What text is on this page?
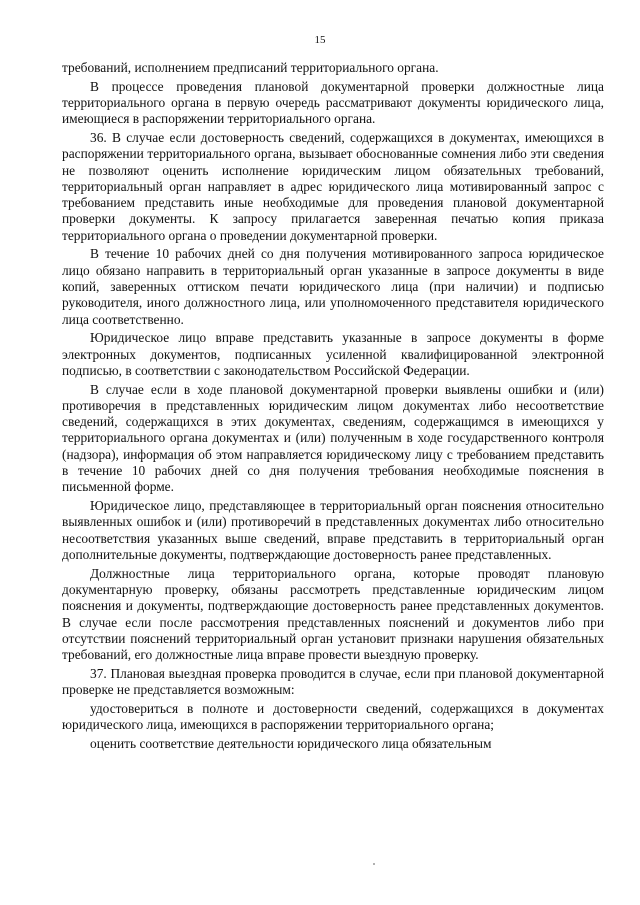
15

требований, исполнением предписаний территориального органа.

В процессе проведения плановой документарной проверки должностные лица территориального органа в первую очередь рассматривают документы юридического лица, имеющиеся в распоряжении территориального органа.

36. В случае если достоверность сведений, содержащихся в документах, имеющихся в распоряжении территориального органа, вызывает обоснованные сомнения либо эти сведения не позволяют оценить исполнение юридическим лицом обязательных требований, территориальный орган направляет в адрес юридического лица мотивированный запрос с требованием представить иные необходимые для проведения плановой документарной проверки документы. К запросу прилагается заверенная печатью копия приказа территориального органа о проведении документарной проверки.

В течение 10 рабочих дней со дня получения мотивированного запроса юридическое лицо обязано направить в территориальный орган указанные в запросе документы в виде копий, заверенных оттиском печати юридического лица (при наличии) и подписью руководителя, иного должностного лица, или уполномоченного представителя юридического лица соответственно.

Юридическое лицо вправе представить указанные в запросе документы в форме электронных документов, подписанных усиленной квалифицированной электронной подписью, в соответствии с законодательством Российской Федерации.

В случае если в ходе плановой документарной проверки выявлены ошибки и (или) противоречия в представленных юридическим лицом документах либо несоответствие сведений, содержащихся в этих документах, сведениям, содержащимся в имеющихся у территориального органа документах и (или) полученным в ходе государственного контроля (надзора), информация об этом направляется юридическому лицу с требованием представить в течение 10 рабочих дней со дня получения требования необходимые пояснения в письменной форме.

Юридическое лицо, представляющее в территориальный орган пояснения относительно выявленных ошибок и (или) противоречий в представленных документах либо относительно несоответствия указанных выше сведений, вправе представить в территориальный орган дополнительные документы, подтверждающие достоверность ранее представленных.

Должностные лица территориального органа, которые проводят плановую документарную проверку, обязаны рассмотреть представленные юридическим лицом пояснения и документы, подтверждающие достоверность ранее представленных документов. В случае если после рассмотрения представленных пояснений и документов либо при отсутствии пояснений территориальный орган установит признаки нарушения обязательных требований, его должностные лица вправе провести выездную проверку.

37. Плановая выездная проверка проводится в случае, если при плановой документарной проверке не представляется возможным:

удостовериться в полноте и достоверности сведений, содержащихся в документах юридического лица, имеющихся в распоряжении территориального органа;

оценить соответствие деятельности юридического лица обязательным
